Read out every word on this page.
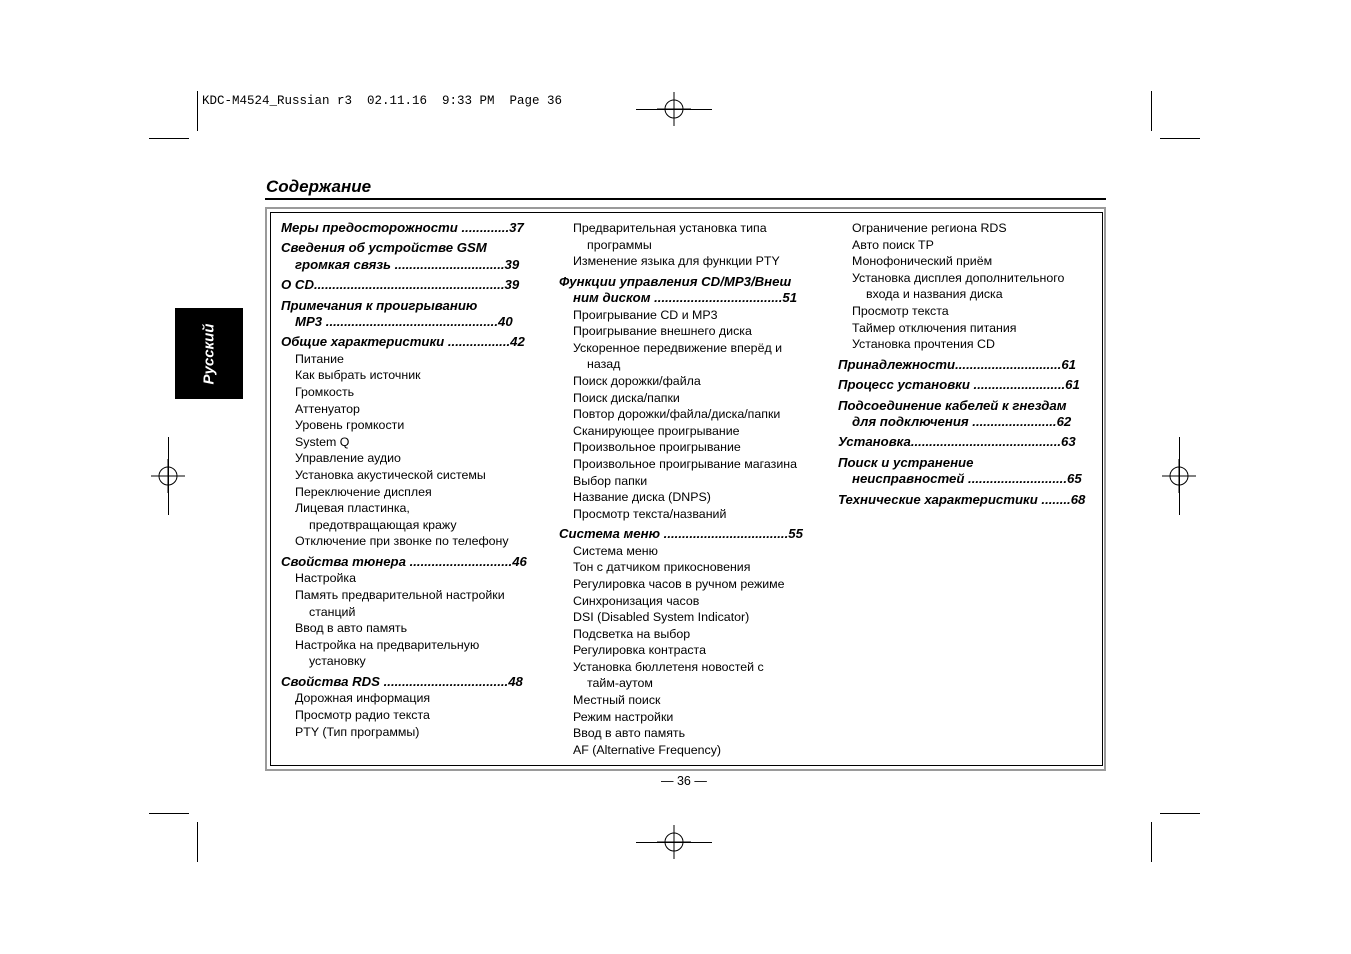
KDC-M4524_Russian r3  02.11.16  9:33 PM  Page 36
Русский
Содержание
Меры предосторожности .............37
Сведения об устройстве GSM
громкая связь ..............................39
O CD....................................................39
Примечания к проигрыванию
MP3 ...............................................40
Общие характеристики .................42
Питание
Как выбрать источник
Громкость
Аттенуатор
Уровень громкости
System Q
Управление аудио
Установка акустической системы
Переключение дисплея
Лицевая пластинка,
предотвращающая кражу
Отключение при звонке по телефону
Свойства тюнера ............................46
Настройка
Память предварительной настройки
станций
Ввод в авто память
Настройка на предварительную
установку
Свойства RDS ..................................48
Дорожная информация
Просмотр радио текста
PTY (Тип программы)
Предварительная установка типа
программы
Изменение языка для функции PTY
Функции управления CD/MP3/Внеш
ним диском ...................................51
Проигрывание CD и MP3
Проигрывание внешнего диска
Ускоренное передвижение вперёд и
назад
Поиск дорожки/файла
Поиск диска/папки
Повтор дорожки/файла/диска/папки
Сканирующее проигрывание
Произвольное проигрывание
Произвольное проигрывание магазина
Выбор папки
Название диска (DNPS)
Просмотр текста/названий
Система меню ..................................55
Система меню
Тон с датчиком прикосновения
Регулировка часов в ручном режиме
Синхронизация часов
DSI (Disabled System Indicator)
Подсветка на выбор
Регулировка контраста
Установка бюллетеня новостей с
тайм-аутом
Местный поиск
Режим настройки
Ввод в авто память
AF (Alternative Frequency)
Ограничение региона RDS
Авто поиск TP
Монофонический приём
Установка дисплея дополнительного
входа и названия диска
Просмотр текста
Таймер отключения питания
Установка прочтения CD
Принадлежности.............................61
Процесс установки .........................61
Подсоединение кабелей к гнездам
для подключения .......................62
Установка.........................................63
Поиск и устранение
неисправностей ...........................65
Технические характеристики ........68
— 36 —
